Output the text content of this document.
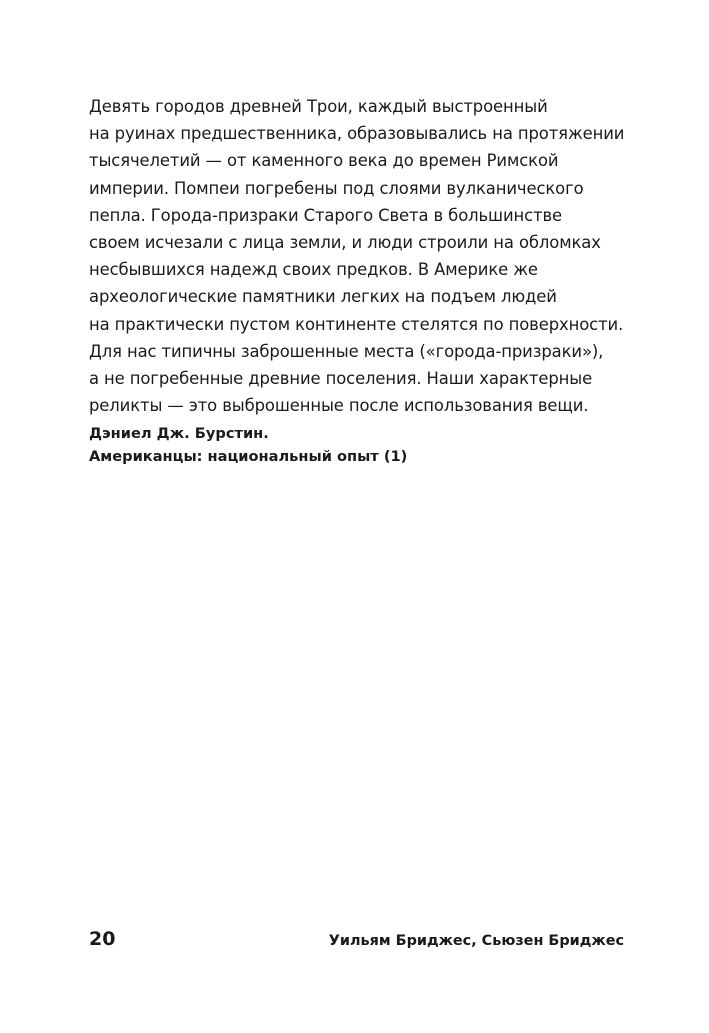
Девять городов древней Трои, каждый выстроенный
на руинах предшественника, образовывались на протяжении
тысячелетий — от каменного века до времен Римской
империи. Помпеи погребены под слоями вулканического
пепла. Города-призраки Старого Света в большинстве
своем исчезали с лица земли, и люди строили на обломках
несбывшихся надежд своих предков. В Америке же
археологические памятники легких на подъем людей
на практически пустом континенте стелятся по поверхности.
Для нас типичны заброшенные места («города-призраки»),
а не погребенные древние поселения. Наши характерные
реликты — это выброшенные после использования вещи.
Дэниел Дж. Бурстин.
Американцы: национальный опыт (1)
20	Уильям Бриджес, Сьюзен Бриджес
